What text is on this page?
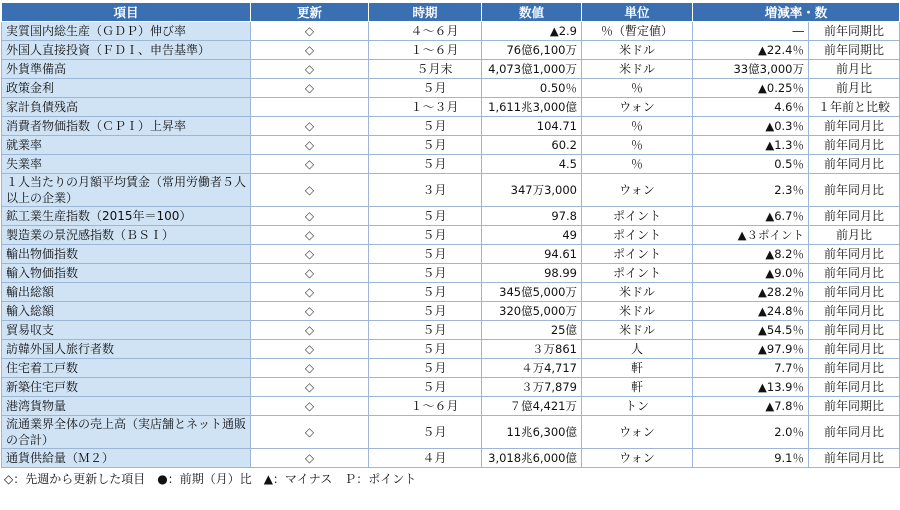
項目	更新	時期	数値	単位	増減率・数	
実質国内総生産（ＧＤＰ）伸び率	◇	４～６月	▲2.9	％（暫定値）	―	前年同期比
外国人直接投資（ＦＤＩ、申告基準）	◇	１～６月	76億6,100万	米ドル	▲22.4％	前年同期比
外貨準備高	◇	５月末	4,073億1,000万	米ドル	33億3,000万	前月比
政策金利	◇	５月	0.50％	％	▲0.25％	前月比
家計負債残高		１～３月	1,611兆3,000億	ウォン	4.6％	１年前と比較
消費者物価指数（ＣＰＩ）上昇率	◇	５月	104.71	％	▲0.3％	前年同月比
就業率	◇	５月	60.2	％	▲1.3％	前年同月比
失業率	◇	５月	4.5	％	0.5％	前年同月比
１人当たりの月額平均賃金（常用労働者５人以上の企業）	◇	３月	347万3,000	ウォン	2.3％	前年同月比
鉱工業生産指数（2015年＝100）	◇	５月	97.8	ポイント	▲6.7％	前年同月比
製造業の景況感指数（ＢＳＩ）	◇	５月	49	ポイント	▲３ポイント	前月比
輸出物価指数	◇	５月	94.61	ポイント	▲8.2％	前年同月比
輸入物価指数	◇	５月	98.99	ポイント	▲9.0％	前年同月比
輸出総額	◇	５月	345億5,000万	米ドル	▲28.2％	前年同月比
輸入総額	◇	５月	320億5,000万	米ドル	▲24.8％	前年同月比
貿易収支	◇	５月	25億	米ドル	▲54.5％	前年同月比
訪韓外国人旅行者数	◇	５月	３万861	人	▲97.9％	前年同月比
住宅着工戸数	◇	５月	４万4,717	軒	7.7％	前年同月比
新築住宅戸数	◇	５月	３万7,879	軒	▲13.9％	前年同月比
港湾貨物量	◇	１～６月	７億4,421万	トン	▲7.8％	前年同期比
流通業界全体の売上高（実店舗とネット通販の合計）	◇	５月	11兆6,300億	ウォン	2.0％	前年同月比
通貨供給量（Ｍ２）	◇	４月	3,018兆6,000億	ウォン	9.1％	前年同月比
◇：先週から更新した項目　●：前期（月）比　▲：マイナス　Ｐ：ポイント
